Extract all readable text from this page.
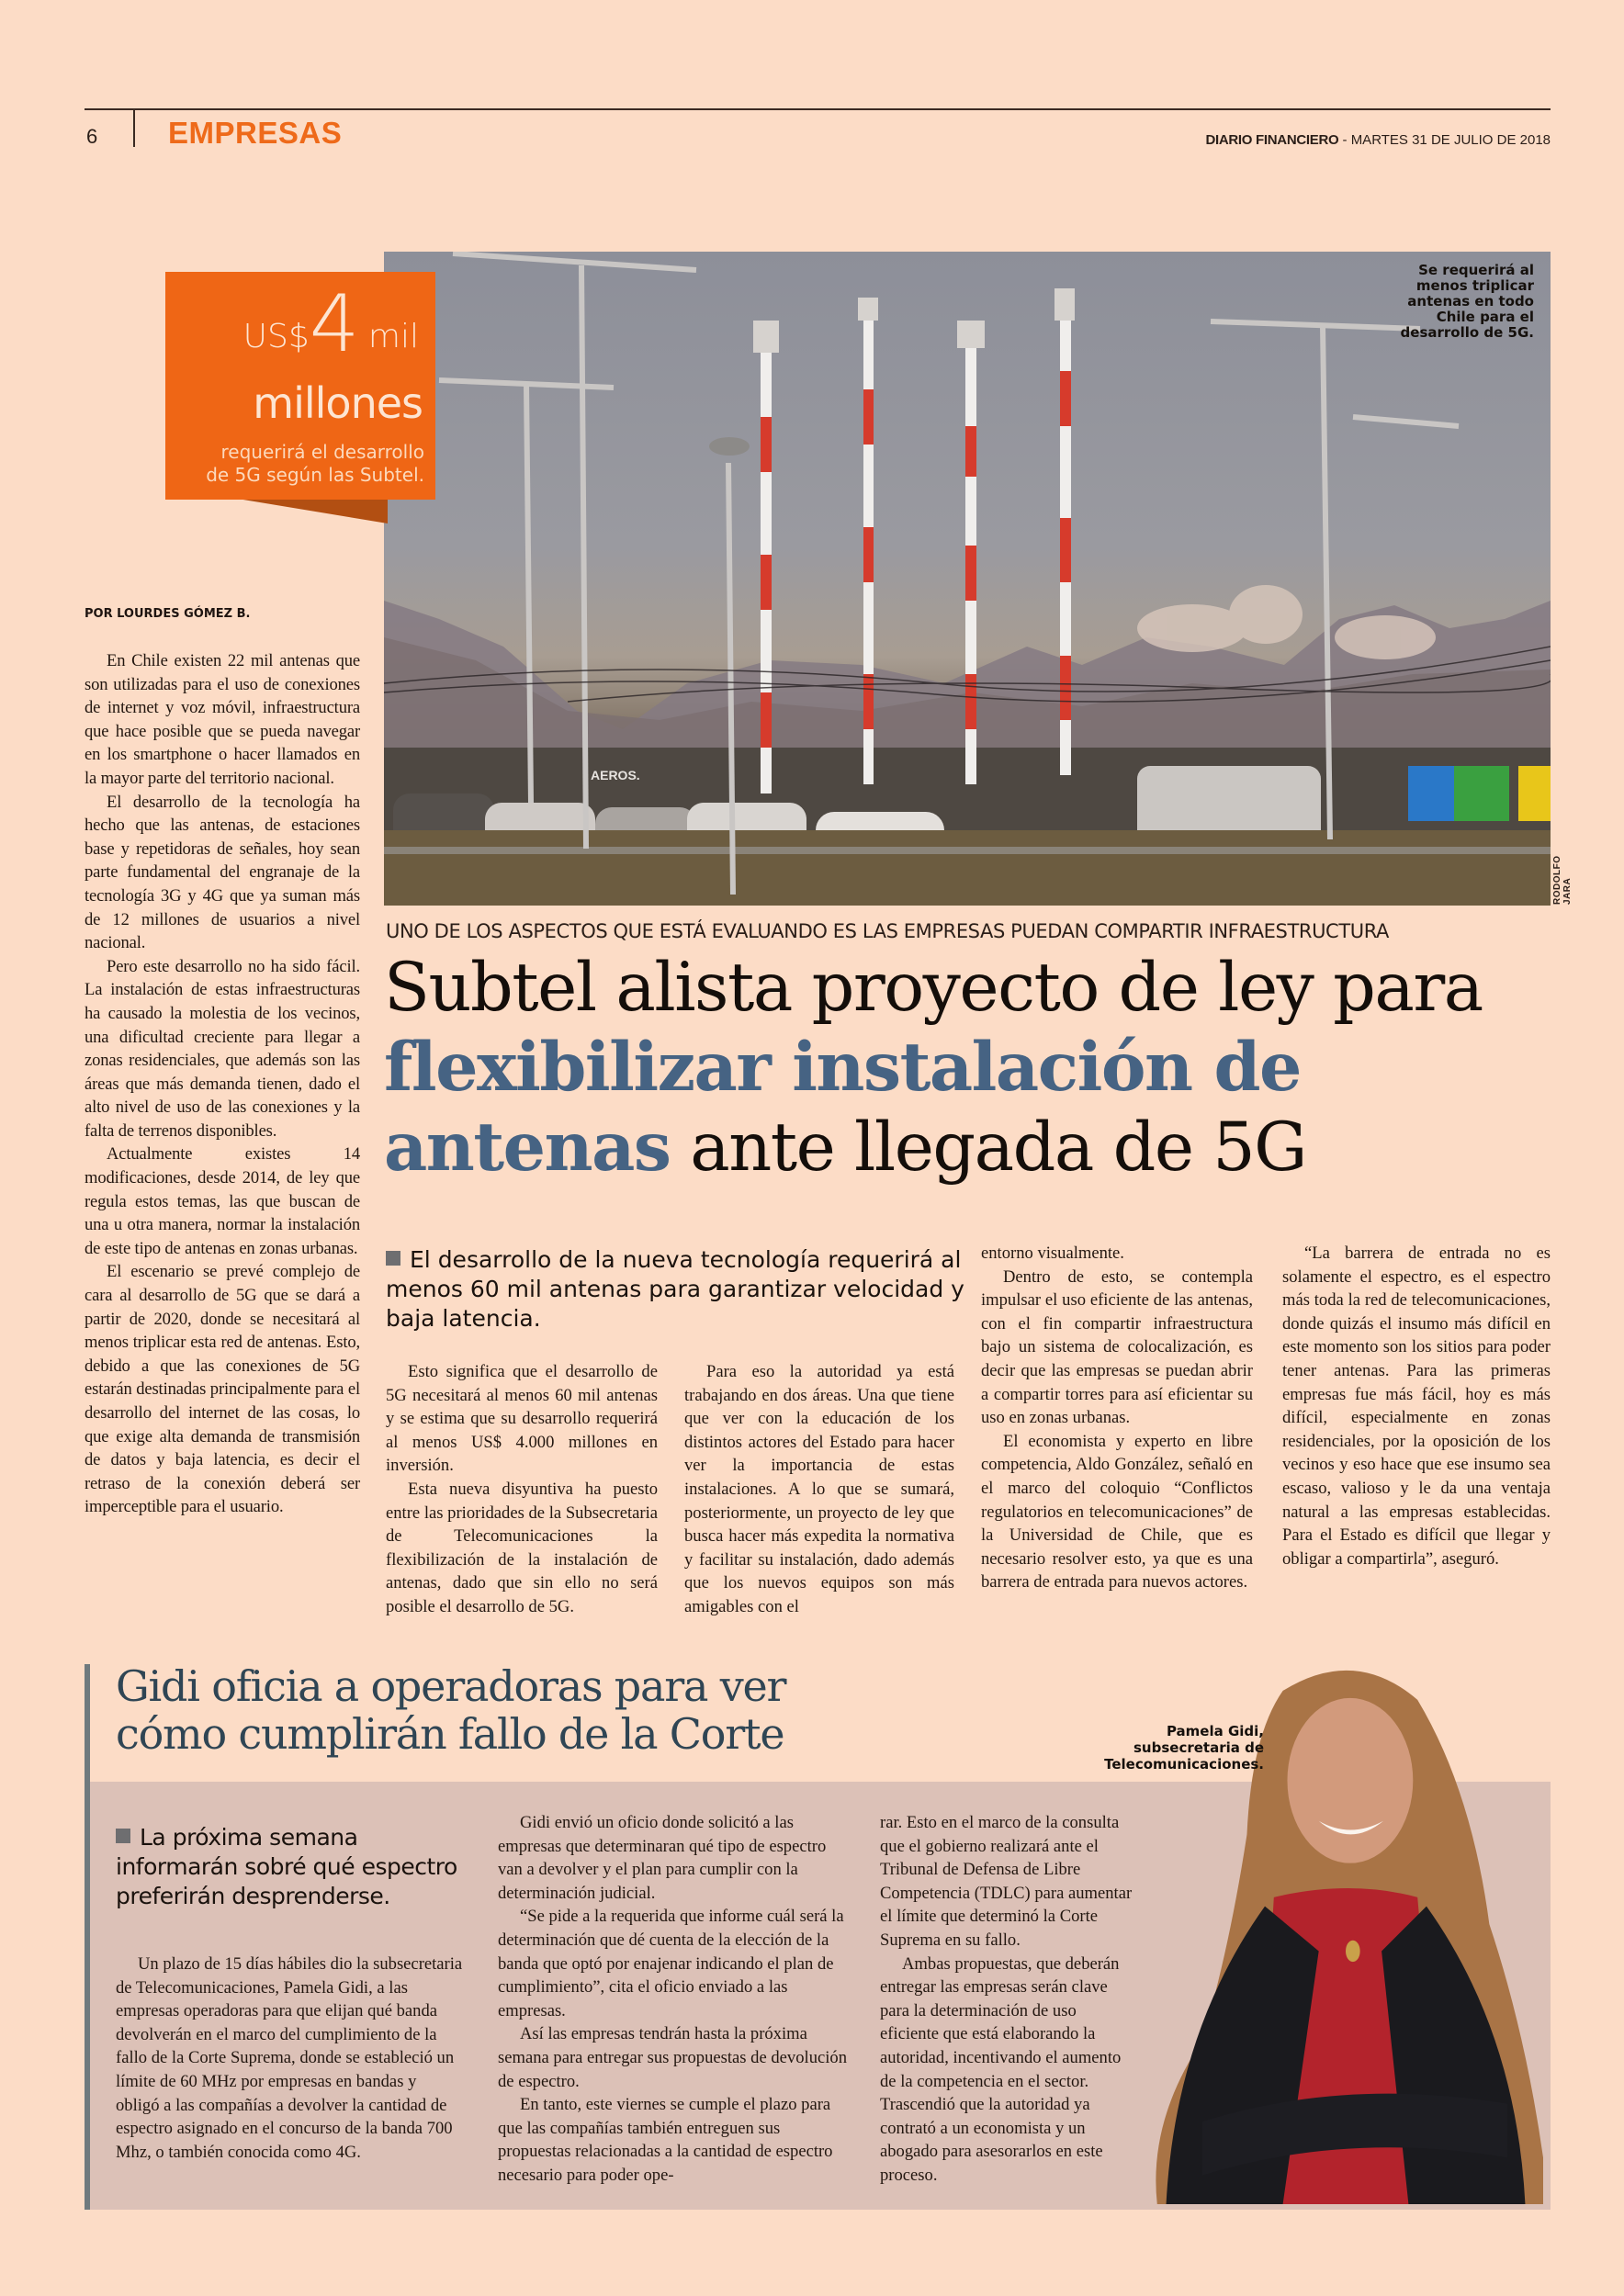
6 EMPRESAS	DIARIO FINANCIERO - MARTES 31 DE JULIO DE 2018
AEROS.
Se requerirá al menos triplicar antenas en todo Chile para el desarrollo de 5G.
RODOLFO JARA
US$4 mil
millones
requerirá el desarrollo
de 5G según las Subtel.
POR LOURDES GÓMEZ B.

En Chile existen 22 mil antenas que son utilizadas para el uso de conexiones de internet y voz móvil, infraestructura que hace posible que se pueda navegar en los smartphone o hacer llamados en la mayor parte del territorio nacional.

El desarrollo de la tecnología ha hecho que las antenas, de estaciones base y repetidoras de señales, hoy sean parte fundamental del engranaje de la tecnología 3G y 4G que ya suman más de 12 millones de usuarios a nivel nacional.

Pero este desarrollo no ha sido fácil. La instalación de estas infraestructuras ha causado la molestia de los vecinos, una dificultad creciente para llegar a zonas residenciales, que además son las áreas que más demanda tienen, dado el alto nivel de uso de las conexiones y la falta de terrenos disponibles.

Actualmente existes 14 modificaciones, desde 2014, de ley que regula estos temas, las que buscan de una u otra manera, normar la instalación de este tipo de antenas en zonas urbanas.

El escenario se prevé complejo de cara al desarrollo de 5G que se dará a partir de 2020, donde se necesitará al menos triplicar esta red de antenas. Esto, debido a que las conexiones de 5G estarán destinadas principalmente para el desarrollo del internet de las cosas, lo que exige alta demanda de transmisión de datos y baja latencia, es decir el retraso de la conexión deberá ser imperceptible para el usuario.

UNO DE LOS ASPECTOS QUE ESTÁ EVALUANDO ES LAS EMPRESAS PUEDAN COMPARTIR INFRAESTRUCTURA
Subtel alista proyecto de ley para flexibilizar instalación de antenas ante llegada de 5G
El desarrollo de la nueva tecnología requerirá al menos 60 mil antenas para garantizar velocidad y baja latencia.

Esto significa que el desarrollo de 5G necesitará al menos 60 mil antenas y se estima que su desarrollo requerirá al menos US$ 4.000 millones en inversión.

Esta nueva disyuntiva ha puesto entre las prioridades de la Subsecretaria de Telecomunicaciones la flexibilización de la instalación de antenas, dado que sin ello no será posible el desarrollo de 5G.

Para eso la autoridad ya está trabajando en dos áreas. Una que tiene que ver con la educación de los distintos actores del Estado para hacer ver la importancia de estas instalaciones. A lo que se sumará, posteriormente, un proyecto de ley que busca hacer más expedita la normativa y facilitar su instalación, dado además que los nuevos equipos son más amigables con el

entorno visualmente.

Dentro de esto, se contempla impulsar el uso eficiente de las antenas, con el fin compartir infraestructura bajo un sistema de colocalización, es decir que las empresas se puedan abrir a compartir torres para así eficientar su uso en zonas urbanas.

El economista y experto en libre competencia, Aldo González, señaló en el marco del coloquio “Conflictos regulatorios en telecomunicaciones” de la Universidad de Chile, que es necesario resolver esto, ya que es una barrera de entrada para nuevos actores.

“La barrera de entrada no es solamente el espectro, es el espectro más toda la red de telecomunicaciones, donde quizás el insumo más difícil en este momento son los sitios para poder tener antenas. Para las primeras empresas fue más fácil, hoy es más difícil, especialmente en zonas residenciales, por la oposición de los vecinos y eso hace que ese insumo sea escaso, valioso y le da una ventaja natural a las empresas establecidas. Para el Estado es difícil que llegar y obligar a compartirla”, aseguró.

Gidi oficia a operadoras para ver
cómo cumplirán fallo de la Corte	Pamela Gidi,
subsecretaria de Telecomunicaciones.
La próxima semana informarán sobré qué espectro preferirán desprenderse.

Un plazo de 15 días hábiles dio la subsecretaria de Telecomunicaciones, Pamela Gidi, a las empresas operadoras para que elijan qué banda devolverán en el marco del cumplimiento de la fallo de la Corte Suprema, donde se estableció un límite de 60 MHz por empresas en bandas y obligó a las compañías a devolver la cantidad de espectro asignado en el concurso de la banda 700 Mhz, o también conocida como 4G.

Gidi envió un oficio donde solicitó a las empresas que determinaran qué tipo de espectro van a devolver y el plan para cumplir con la determinación judicial.

“Se pide a la requerida que informe cuál será la determinación que dé cuenta de la elección de la banda que optó por enajenar indicando el plan de cumplimiento”, cita el oficio enviado a las empresas.

Así las empresas tendrán hasta la próxima semana para entregar sus propuestas de devolución de espectro.

En tanto, este viernes se cumple el plazo para que las compañías también entreguen sus propuestas relacionadas a la cantidad de espectro necesario para poder ope-

rar. Esto en el marco de la consulta que el gobierno realizará ante el Tribunal de Defensa de Libre Competencia (TDLC) para aumentar el límite que determinó la Corte Suprema en su fallo.

Ambas propuestas, que deberán entregar las empresas serán clave para la determinación de uso eficiente que está elaborando la autoridad, incentivando el aumento de la competencia en el sector. Trascendió que la autoridad ya contrató a un economista y un abogado para asesorarlos en este proceso.
